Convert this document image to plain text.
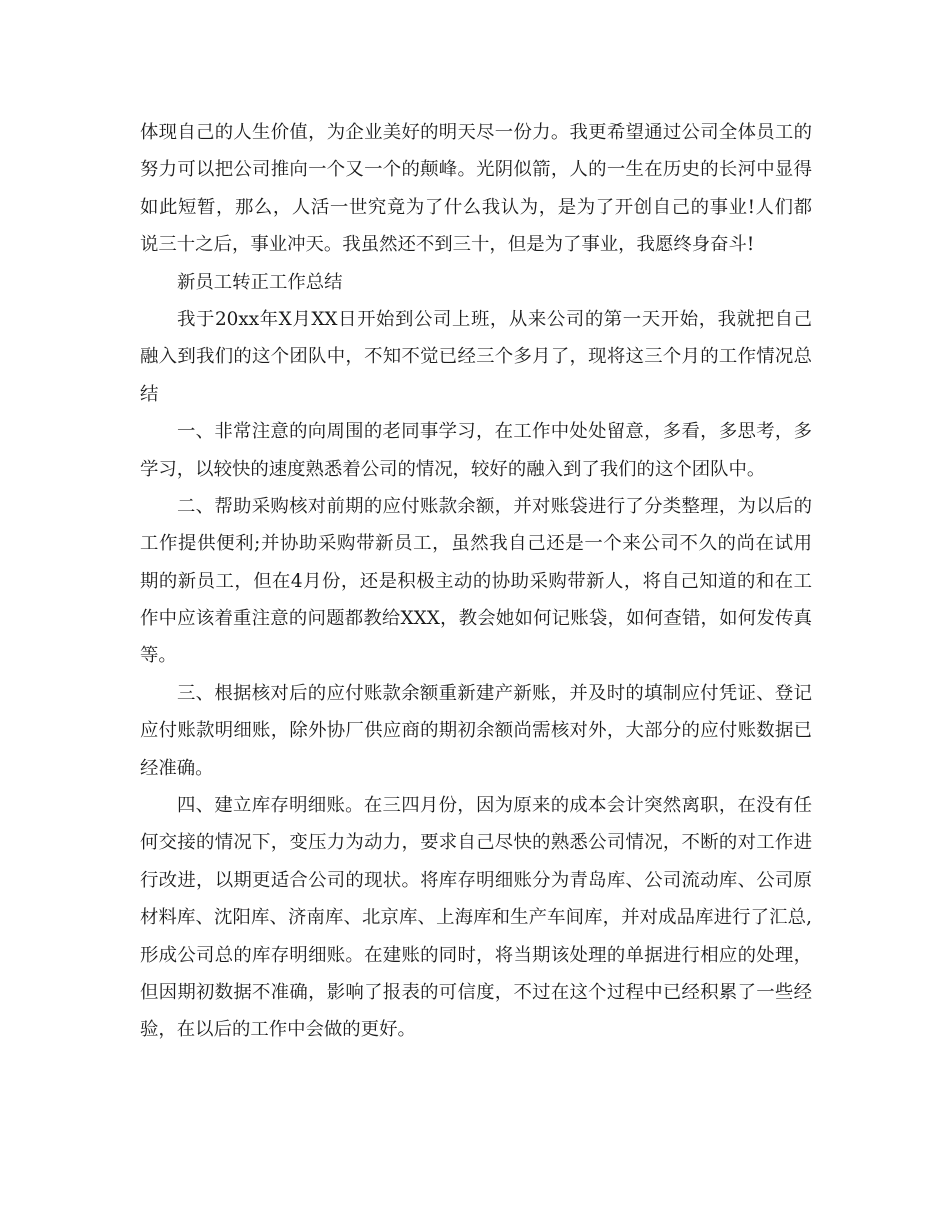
体现自己的人生价值，为企业美好的明天尽一份力。我更希望通过公司全体员工的
努力可以把公司推向一个又一个的颠峰。光阴似箭，人的一生在历史的长河中显得
如此短暂，那么，人活一世究竟为了什么我认为，是为了开创自己的事业!人们都
说三十之后，事业冲天。我虽然还不到三十，但是为了事业，我愿终身奋斗!
新员工转正工作总结
我于20xx年X月XX日开始到公司上班，从来公司的第一天开始，我就把自己
融入到我们的这个团队中，不知不觉已经三个多月了，现将这三个月的工作情况总
结
一、非常注意的向周围的老同事学习，在工作中处处留意，多看，多思考，多
学习，以较快的速度熟悉着公司的情况，较好的融入到了我们的这个团队中。
二、帮助采购核对前期的应付账款余额，并对账袋进行了分类整理，为以后的
工作提供便利;并协助采购带新员工，虽然我自己还是一个来公司不久的尚在试用
期的新员工，但在4月份，还是积极主动的协助采购带新人，将自己知道的和在工
作中应该着重注意的问题都教给XXX，教会她如何记账袋，如何查错，如何发传真
等。
三、根据核对后的应付账款余额重新建产新账，并及时的填制应付凭证、登记
应付账款明细账，除外协厂供应商的期初余额尚需核对外，大部分的应付账数据已
经准确。
四、建立库存明细账。在三四月份，因为原来的成本会计突然离职，在没有任
何交接的情况下，变压力为动力，要求自己尽快的熟悉公司情况，不断的对工作进
行改进，以期更适合公司的现状。将库存明细账分为青岛库、公司流动库、公司原
材料库、沈阳库、济南库、北京库、上海库和生产车间库，并对成品库进行了汇总,
形成公司总的库存明细账。在建账的同时，将当期该处理的单据进行相应的处理，
但因期初数据不准确，影响了报表的可信度，不过在这个过程中已经积累了一些经
验，在以后的工作中会做的更好。
